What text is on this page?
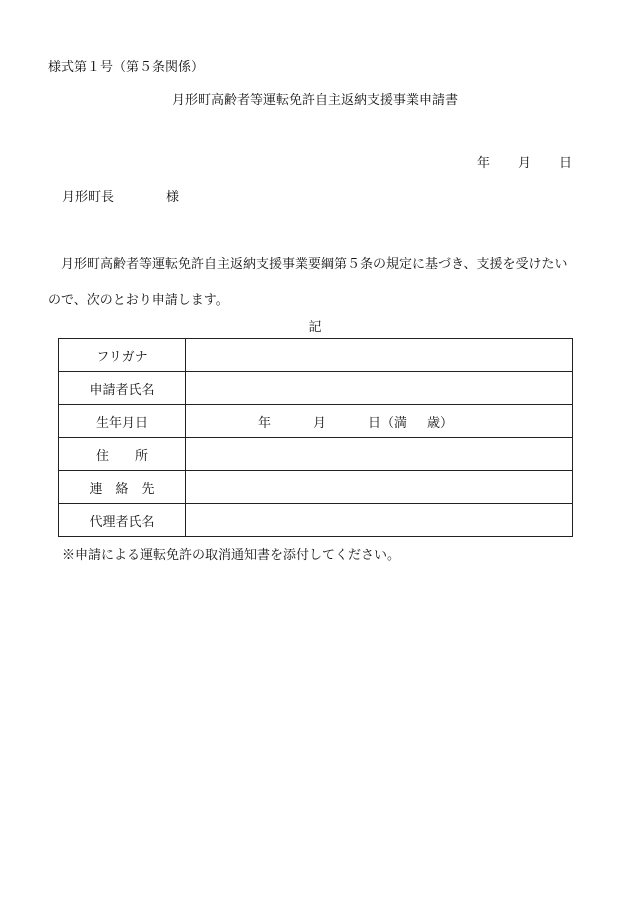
様式第１号（第５条関係）
月形町高齢者等運転免許自主返納支援事業申請書
年 月 日
月形町長	様

月形町高齢者等運転免許自主返納支援事業要綱第５条の規定に基づき、支援を受けたい

ので、次のとおり申請します。

記
フリガナ	
申請者氏名	
生年月日	年 月 日（満 歳）
住　　所	
連　絡　先	
代理者氏名	
※申請による運転免許の取消通知書を添付してください。
